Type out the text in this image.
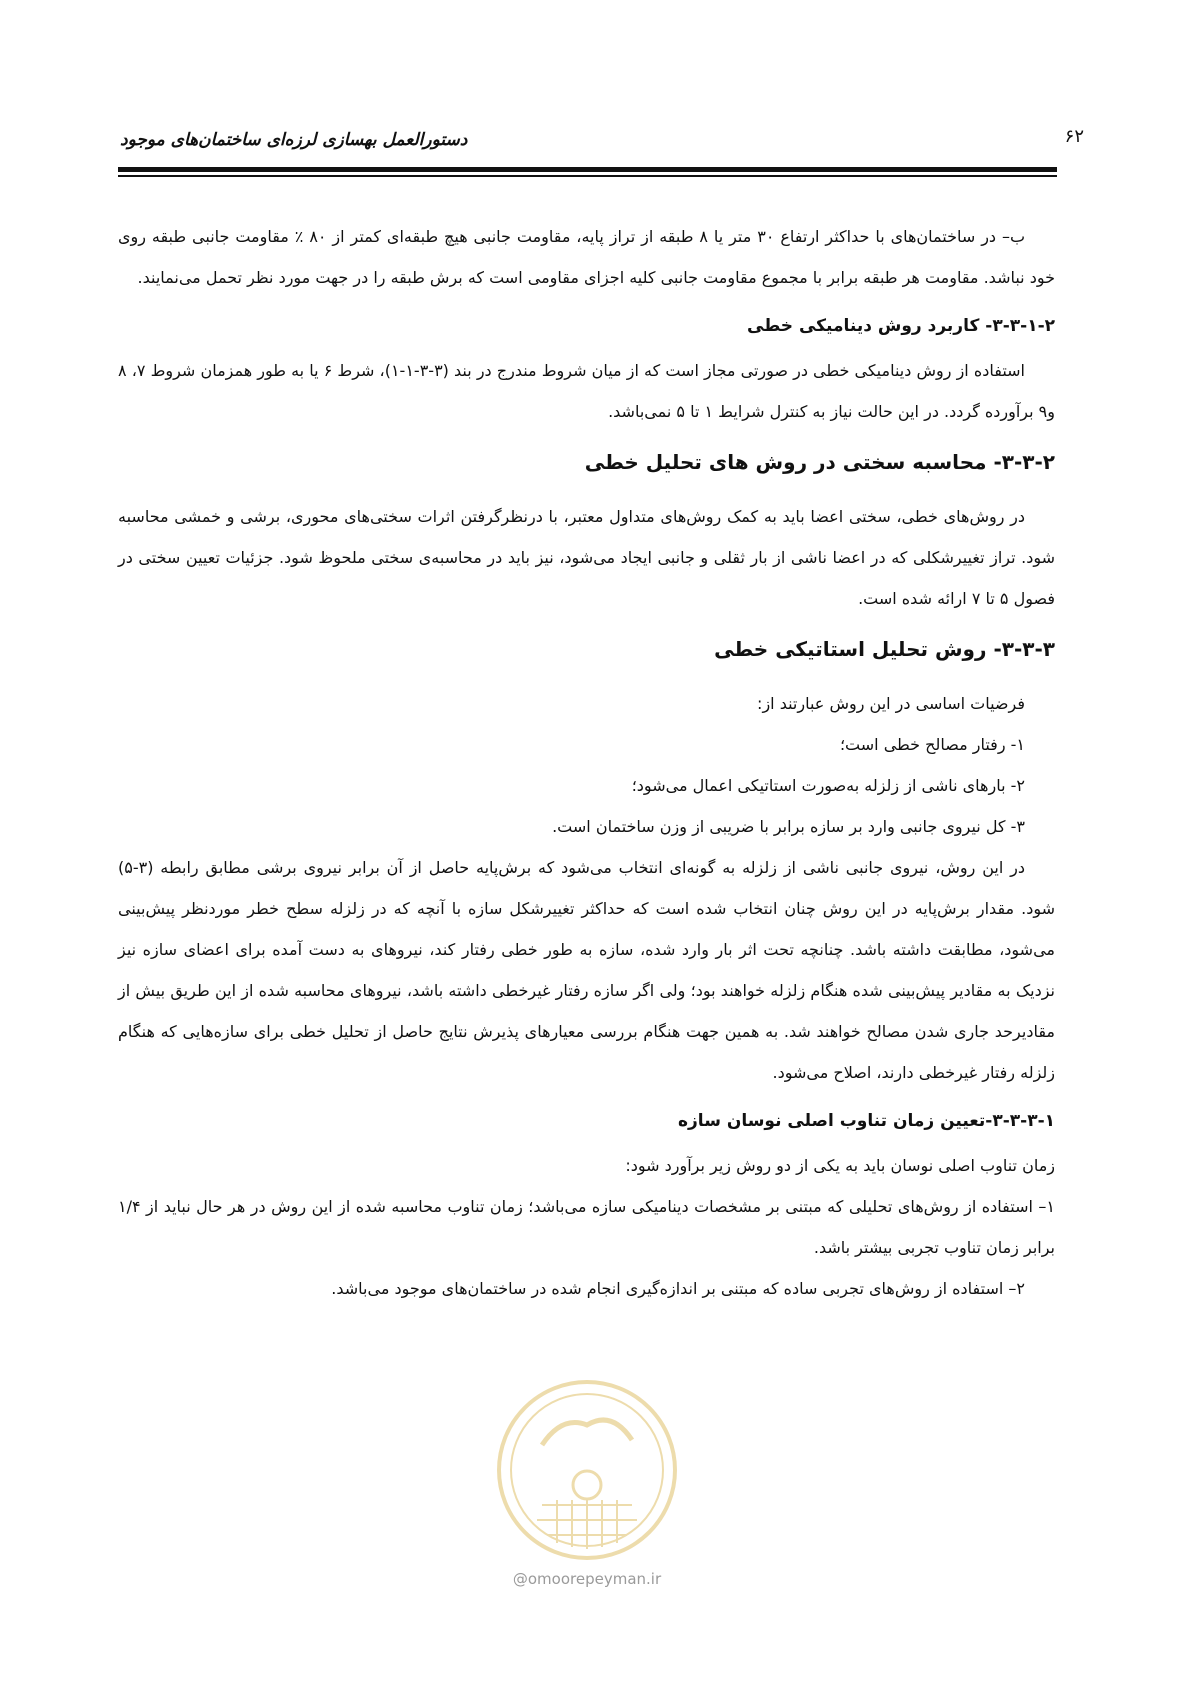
دستورالعمل بهسازی لرزه‌ای ساختمان‌های موجود	۶۲

ب– در ساختمان‌های با حداکثر ارتفاع ۳۰ متر یا ۸ طبقه از تراز پایه، مقاومت جانبی هیچ طبقه‌ای کمتر از ۸۰ ٪ مقاومت جانبی طبقه روی خود نباشد. مقاومت هر طبقه برابر با مجموع مقاومت جانبی کلیه اجزای مقاومی است که برش طبقه را در جهت مورد نظر تحمل می‌نمایند.

۳-۳-۱-۲- کاربرد روش دینامیکی خطی

استفاده از روش دینامیکی خطی در صورتی مجاز است که از میان شروط مندرج در بند (۳-۳-۱-۱)، شرط ۶ یا به طور همزمان شروط ۷، ۸ و۹ برآورده گردد. در این حالت نیاز به کنترل شرایط ۱ تا ۵ نمی‌باشد.

۳-۳-۲- محاسبه سختی در روش های تحلیل خطی

در روش‌های خطی، سختی اعضا باید به کمک روش‌های متداول معتبر، با درنظرگرفتن اثرات سختی‌های محوری، برشی و خمشی محاسبه شود. تراز تغییرشکلی که در اعضا ناشی از بار ثقلی و جانبی ایجاد می‌شود، نیز باید در محاسبه‌ی سختی ملحوظ شود. جزئیات تعیین سختی در فصول ۵ تا ۷ ارائه شده است.

۳-۳-۳- روش تحلیل استاتیکی خطی

فرضیات اساسی در این روش عبارتند از:

۱- رفتار مصالح خطی است؛

۲- بارهای ناشی از زلزله به‌صورت استاتیکی اعمال می‌شود؛

۳- کل نیروی جانبی وارد بر سازه برابر با ضریبی از وزن ساختمان است.

در این روش، نیروی جانبی ناشی از زلزله به گونه‌ای انتخاب می‌شود که برش‌پایه حاصل از آن برابر نیروی برشی مطابق رابطه (۳-۵) شود. مقدار برش‌پایه در این روش چنان انتخاب شده است که حداکثر تغییرشکل سازه با آنچه که در زلزله سطح خطر موردنظر پیش‌بینی می‌شود، مطابقت داشته باشد. چنانچه تحت اثر بار وارد شده، سازه به طور خطی رفتار کند، نیروهای به دست آمده برای اعضای سازه نیز نزدیک به مقادیر پیش‌بینی شده هنگام زلزله خواهند بود؛ ولی اگر سازه رفتار غیرخطی داشته باشد، نیروهای محاسبه شده از این طریق بیش از مقادیرحد جاری شدن مصالح خواهند شد. به همین جهت هنگام بررسی معیارهای پذیرش نتایج حاصل از تحلیل خطی برای سازه‌هایی که هنگام زلزله رفتار غیرخطی دارند، اصلاح می‌شود.

۳-۳-۳-۱-تعیین زمان تناوب اصلی نوسان سازه

زمان تناوب اصلی نوسان باید به یکی از دو روش زیر برآورد شود:

۱– استفاده از روش‌های تحلیلی که مبتنی بر مشخصات دینامیکی سازه می‌باشد؛ زمان تناوب محاسبه شده از این روش در هر حال نباید از ۱/۴ برابر زمان تناوب تجربی بیشتر باشد.

۲– استفاده از روش‌های تجربی ساده که مبتنی بر اندازه‌گیری انجام شده در ساختمان‌های موجود می‌باشد.

@omoorepeyman.ir
